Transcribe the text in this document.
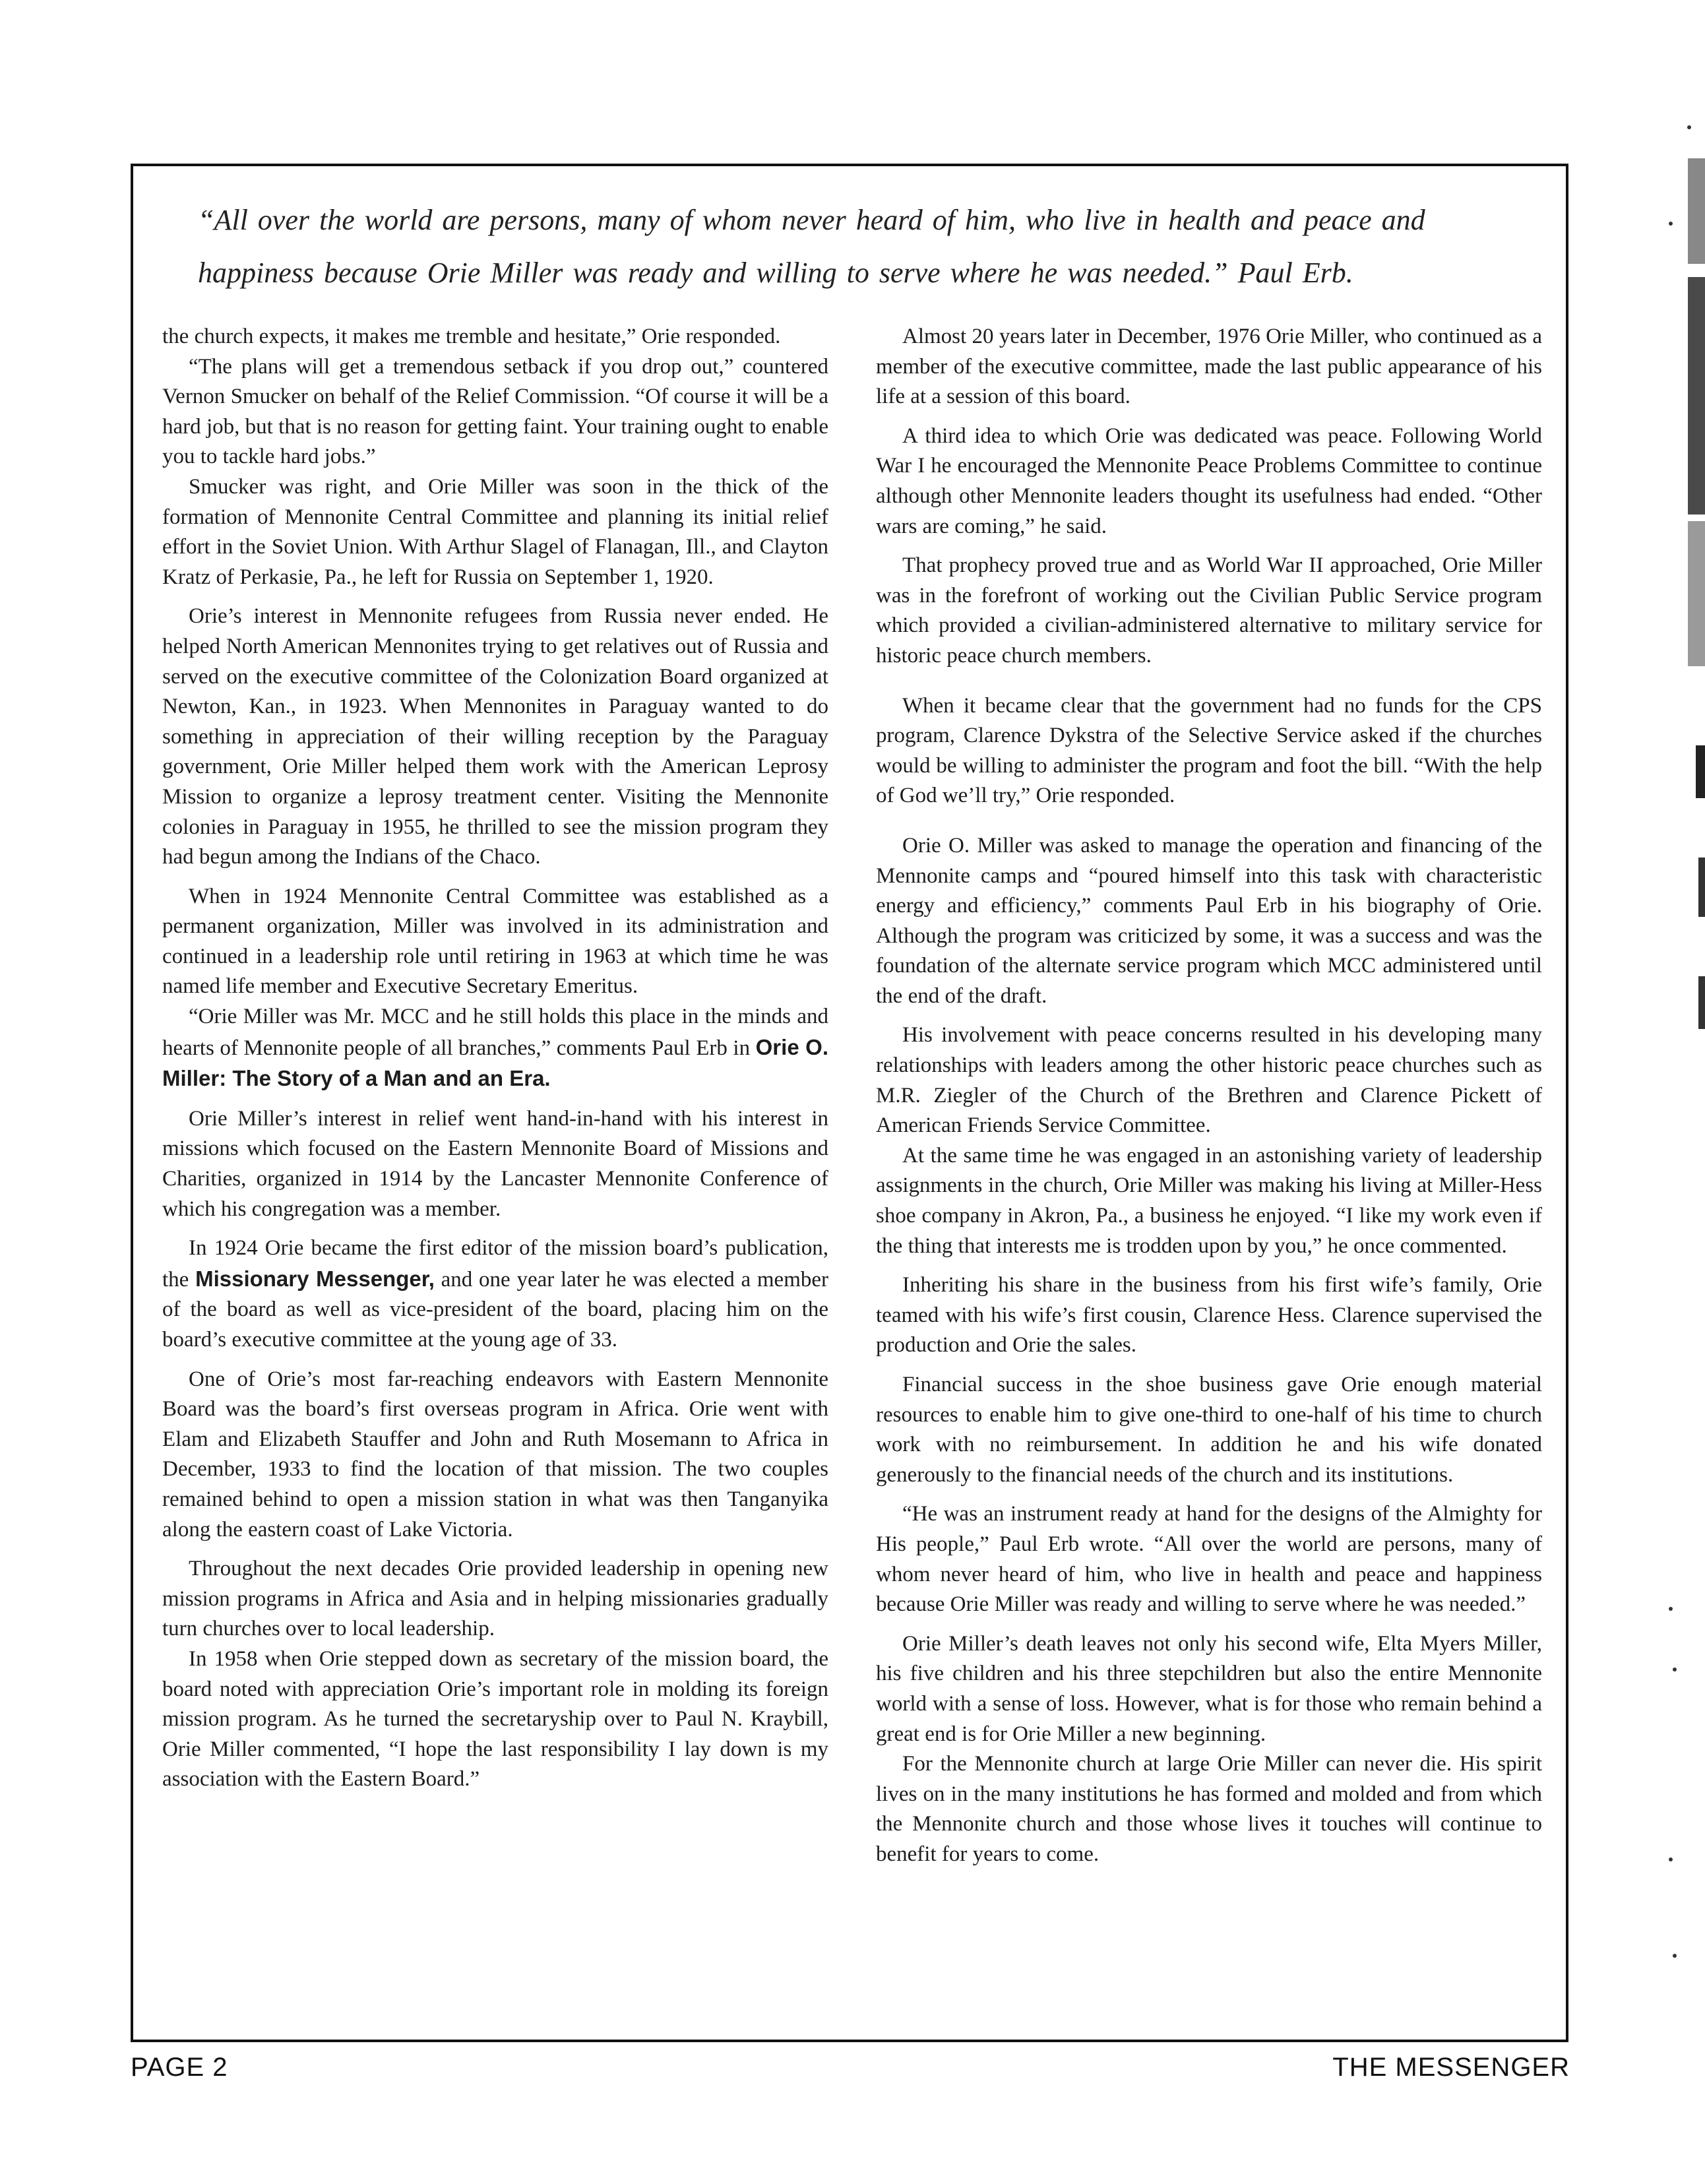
“All over the world are persons, many of whom never heard of him, who live in health and peace and
happiness because Orie Miller was ready and willing to serve where he was needed.” Paul Erb.

the church expects, it makes me tremble and hesitate,” Orie responded.

“The plans will get a tremendous setback if you drop out,” countered Vernon Smucker on behalf of the Relief Commission. “Of course it will be a hard job, but that is no reason for getting faint. Your training ought to enable you to tackle hard jobs.”

Smucker was right, and Orie Miller was soon in the thick of the formation of Mennonite Central Committee and planning its initial relief effort in the Soviet Union. With Arthur Slagel of Flanagan, Ill., and Clayton Kratz of Perkasie, Pa., he left for Russia on September 1, 1920.

Orie’s interest in Mennonite refugees from Russia never ended. He helped North American Mennonites trying to get relatives out of Russia and served on the executive committee of the Colonization Board organized at Newton, Kan., in 1923. When Mennonites in Paraguay wanted to do something in appreciation of their willing reception by the Paraguay government, Orie Miller helped them work with the American Leprosy Mission to organize a leprosy treatment center. Visiting the Mennonite colonies in Paraguay in 1955, he thrilled to see the mission program they had begun among the Indians of the Chaco.

When in 1924 Mennonite Central Committee was established as a permanent organization, Miller was involved in its administration and continued in a leadership role until retiring in 1963 at which time he was named life member and Executive Secretary Emeritus.

“Orie Miller was Mr. MCC and he still holds this place in the minds and hearts of Mennonite people of all branches,” comments Paul Erb in Orie O. Miller: The Story of a Man and an Era.

Orie Miller’s interest in relief went hand-in-hand with his interest in missions which focused on the Eastern Mennonite Board of Missions and Charities, organized in 1914 by the Lancaster Mennonite Conference of which his congregation was a member.

In 1924 Orie became the first editor of the mission board’s publication, the Missionary Messenger, and one year later he was elected a member of the board as well as vice-president of the board, placing him on the board’s executive committee at the young age of 33.

One of Orie’s most far-reaching endeavors with Eastern Mennonite Board was the board’s first overseas program in Africa. Orie went with Elam and Elizabeth Stauffer and John and Ruth Mosemann to Africa in December, 1933 to find the location of that mission. The two couples remained behind to open a mission station in what was then Tanganyika along the eastern coast of Lake Victoria.

Throughout the next decades Orie provided leadership in opening new mission programs in Africa and Asia and in helping missionaries gradually turn churches over to local leadership.

In 1958 when Orie stepped down as secretary of the mission board, the board noted with appreciation Orie’s important role in molding its foreign mission program. As he turned the secretaryship over to Paul N. Kraybill, Orie Miller commented, “I hope the last responsibility I lay down is my association with the Eastern Board.”

Almost 20 years later in December, 1976 Orie Miller, who continued as a member of the executive committee, made the last public appearance of his life at a session of this board.

A third idea to which Orie was dedicated was peace. Following World War I he encouraged the Mennonite Peace Problems Committee to continue although other Mennonite leaders thought its usefulness had ended. “Other wars are coming,” he said.

That prophecy proved true and as World War II approached, Orie Miller was in the forefront of working out the Civilian Public Service program which provided a civilian-administered alternative to military service for historic peace church members.

When it became clear that the government had no funds for the CPS program, Clarence Dykstra of the Selective Service asked if the churches would be willing to administer the program and foot the bill. “With the help of God we’ll try,” Orie responded.

Orie O. Miller was asked to manage the operation and financing of the Mennonite camps and “poured himself into this task with characteristic energy and efficiency,” comments Paul Erb in his biography of Orie. Although the program was criticized by some, it was a success and was the foundation of the alternate service program which MCC administered until the end of the draft.

His involvement with peace concerns resulted in his developing many relationships with leaders among the other historic peace churches such as M.R. Ziegler of the Church of the Brethren and Clarence Pickett of American Friends Service Committee.

At the same time he was engaged in an astonishing variety of leadership assignments in the church, Orie Miller was making his living at Miller-Hess shoe company in Akron, Pa., a business he enjoyed. “I like my work even if the thing that interests me is trodden upon by you,” he once commented.

Inheriting his share in the business from his first wife’s family, Orie teamed with his wife’s first cousin, Clarence Hess. Clarence supervised the production and Orie the sales.

Financial success in the shoe business gave Orie enough material resources to enable him to give one-third to one-half of his time to church work with no reimbursement. In addition he and his wife donated generously to the financial needs of the church and its institutions.

“He was an instrument ready at hand for the designs of the Almighty for His people,” Paul Erb wrote. “All over the world are persons, many of whom never heard of him, who live in health and peace and happiness because Orie Miller was ready and willing to serve where he was needed.”

Orie Miller’s death leaves not only his second wife, Elta Myers Miller, his five children and his three stepchildren but also the entire Mennonite world with a sense of loss. However, what is for those who remain behind a great end is for Orie Miller a new beginning.

For the Mennonite church at large Orie Miller can never die. His spirit lives on in the many institutions he has formed and molded and from which the Mennonite church and those whose lives it touches will continue to benefit for years to come.

PAGE 2	THE MESSENGER
